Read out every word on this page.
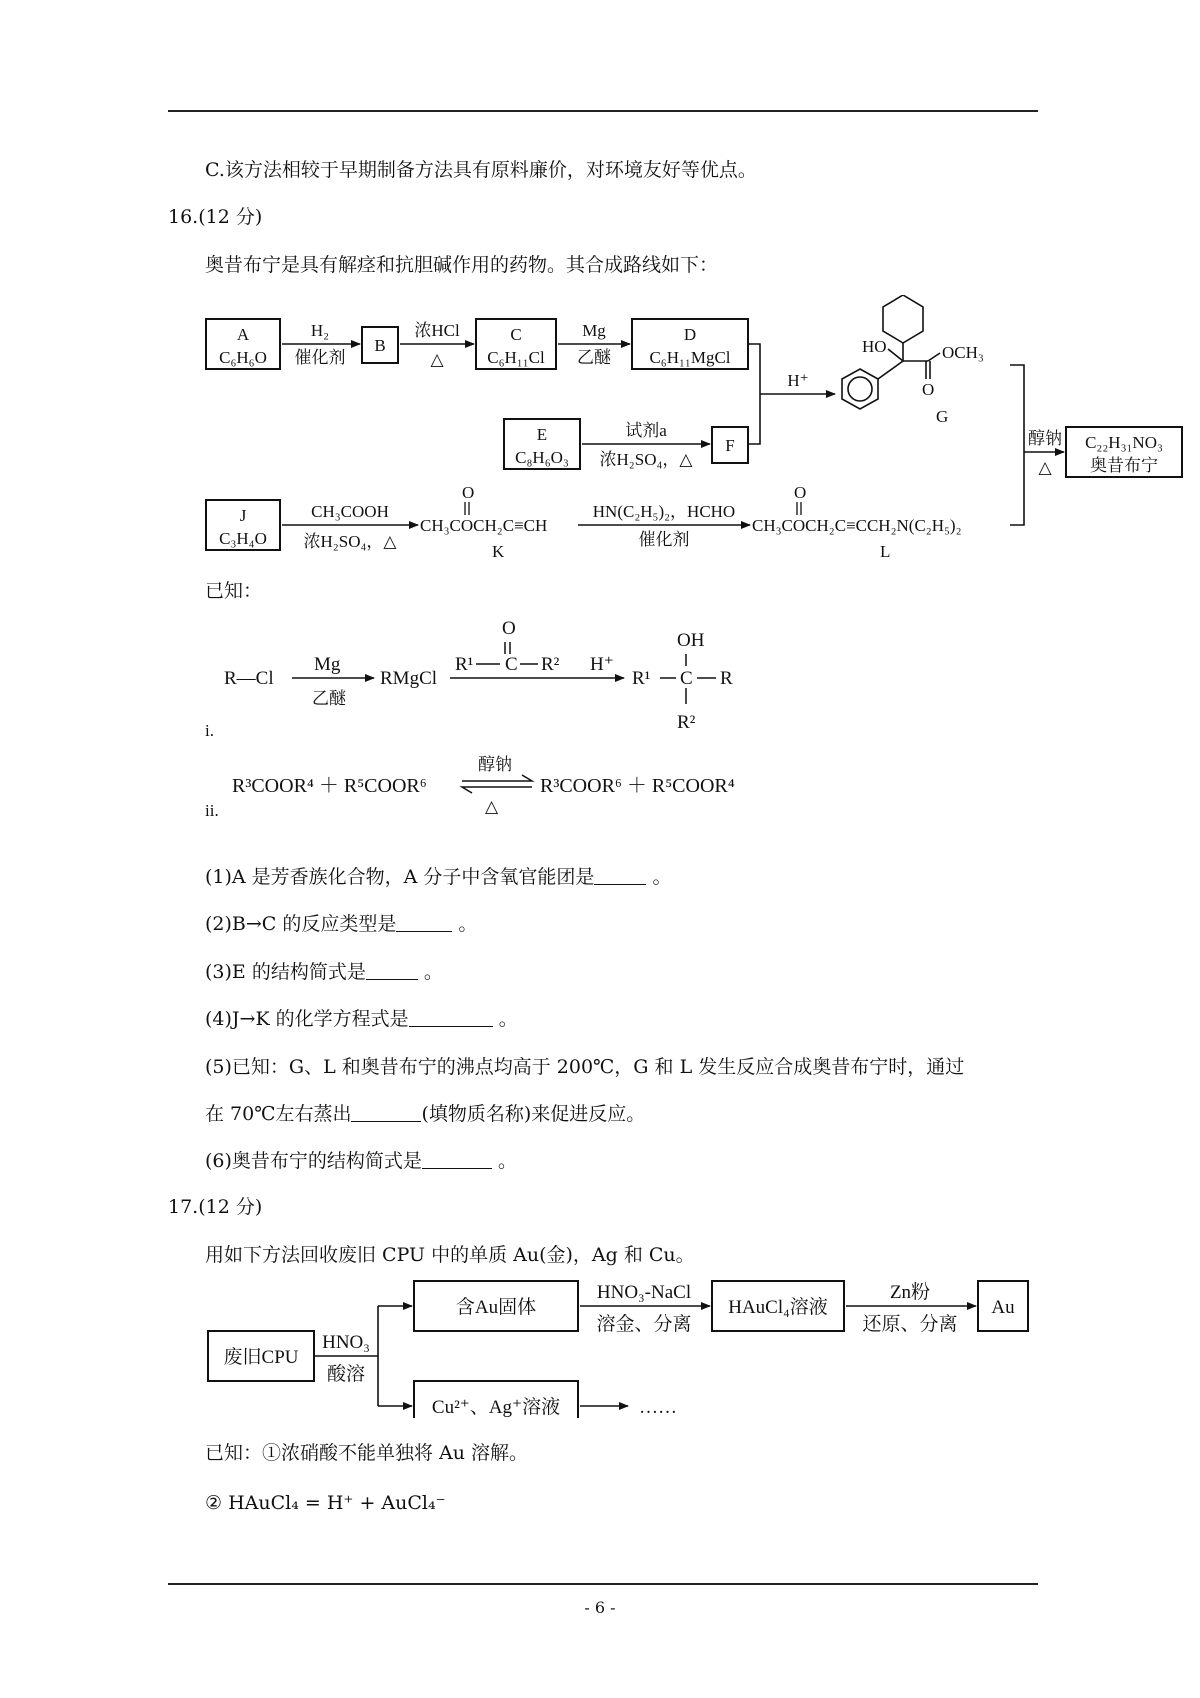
C.该方法相较于早期制备方法具有原料廉价，对环境友好等优点。
16.(12 分)
奥昔布宁是具有解痉和抗胆碱作用的药物。其合成路线如下：
A
C₆H₆O
H₂
催化剂
B
浓HCl
△
C
C₆H₁₁Cl
Mg
乙醚
D
C₆H₁₁MgCl
E
C₈H₆O₃
试剂a
浓H₂SO₄，△
F
H⁺
J
C₃H₄O
CH₃COOH
浓H₂SO₄，△
HN(C₂H₅)₂，HCHO
催化剂
醇钠
△
C₂₂H₃₁NO₃
奥昔布宁
CH₃COCH₂C≡CH
O
K
CH₃COCH₂C≡CCH₂N(C₂H₅)₂
O
L
HO	OCH₃
O
G
已知：
R—Cl
Mg
乙醚
RMgCl
R¹ C R²
O
H⁺
R¹ C R
OH
R²
i.
R³COOR⁴ ＋ R⁵COOR⁶
醇钠
△
R³COOR⁶ ＋ R⁵COOR⁴
ii.
(1)A 是芳香族化合物，A 分子中含氧官能团是	。
(2)B→C 的反应类型是	。
(3)E 的结构简式是	。
(4)J→K 的化学方程式是	。
(5)已知：G、L 和奥昔布宁的沸点均高于 200℃，G 和 L 发生反应合成奥昔布宁时，通过
在 70℃左右蒸出	(填物质名称)来促进反应。
(6)奥昔布宁的结构简式是	。
17.(12 分)
用如下方法回收废旧 CPU 中的单质 Au(金)，Ag 和 Cu。
废旧CPU
HNO₃
酸溶
含Au固体
HNO₃-NaCl
溶金、分离
HAuCl₄溶液
Zn粉
还原、分离
Au
Cu²⁺、Ag⁺溶液	……
已知：①浓硝酸不能单独将 Au 溶解。
② HAuCl₄ = H⁺ + AuCl₄⁻
- 6 -
